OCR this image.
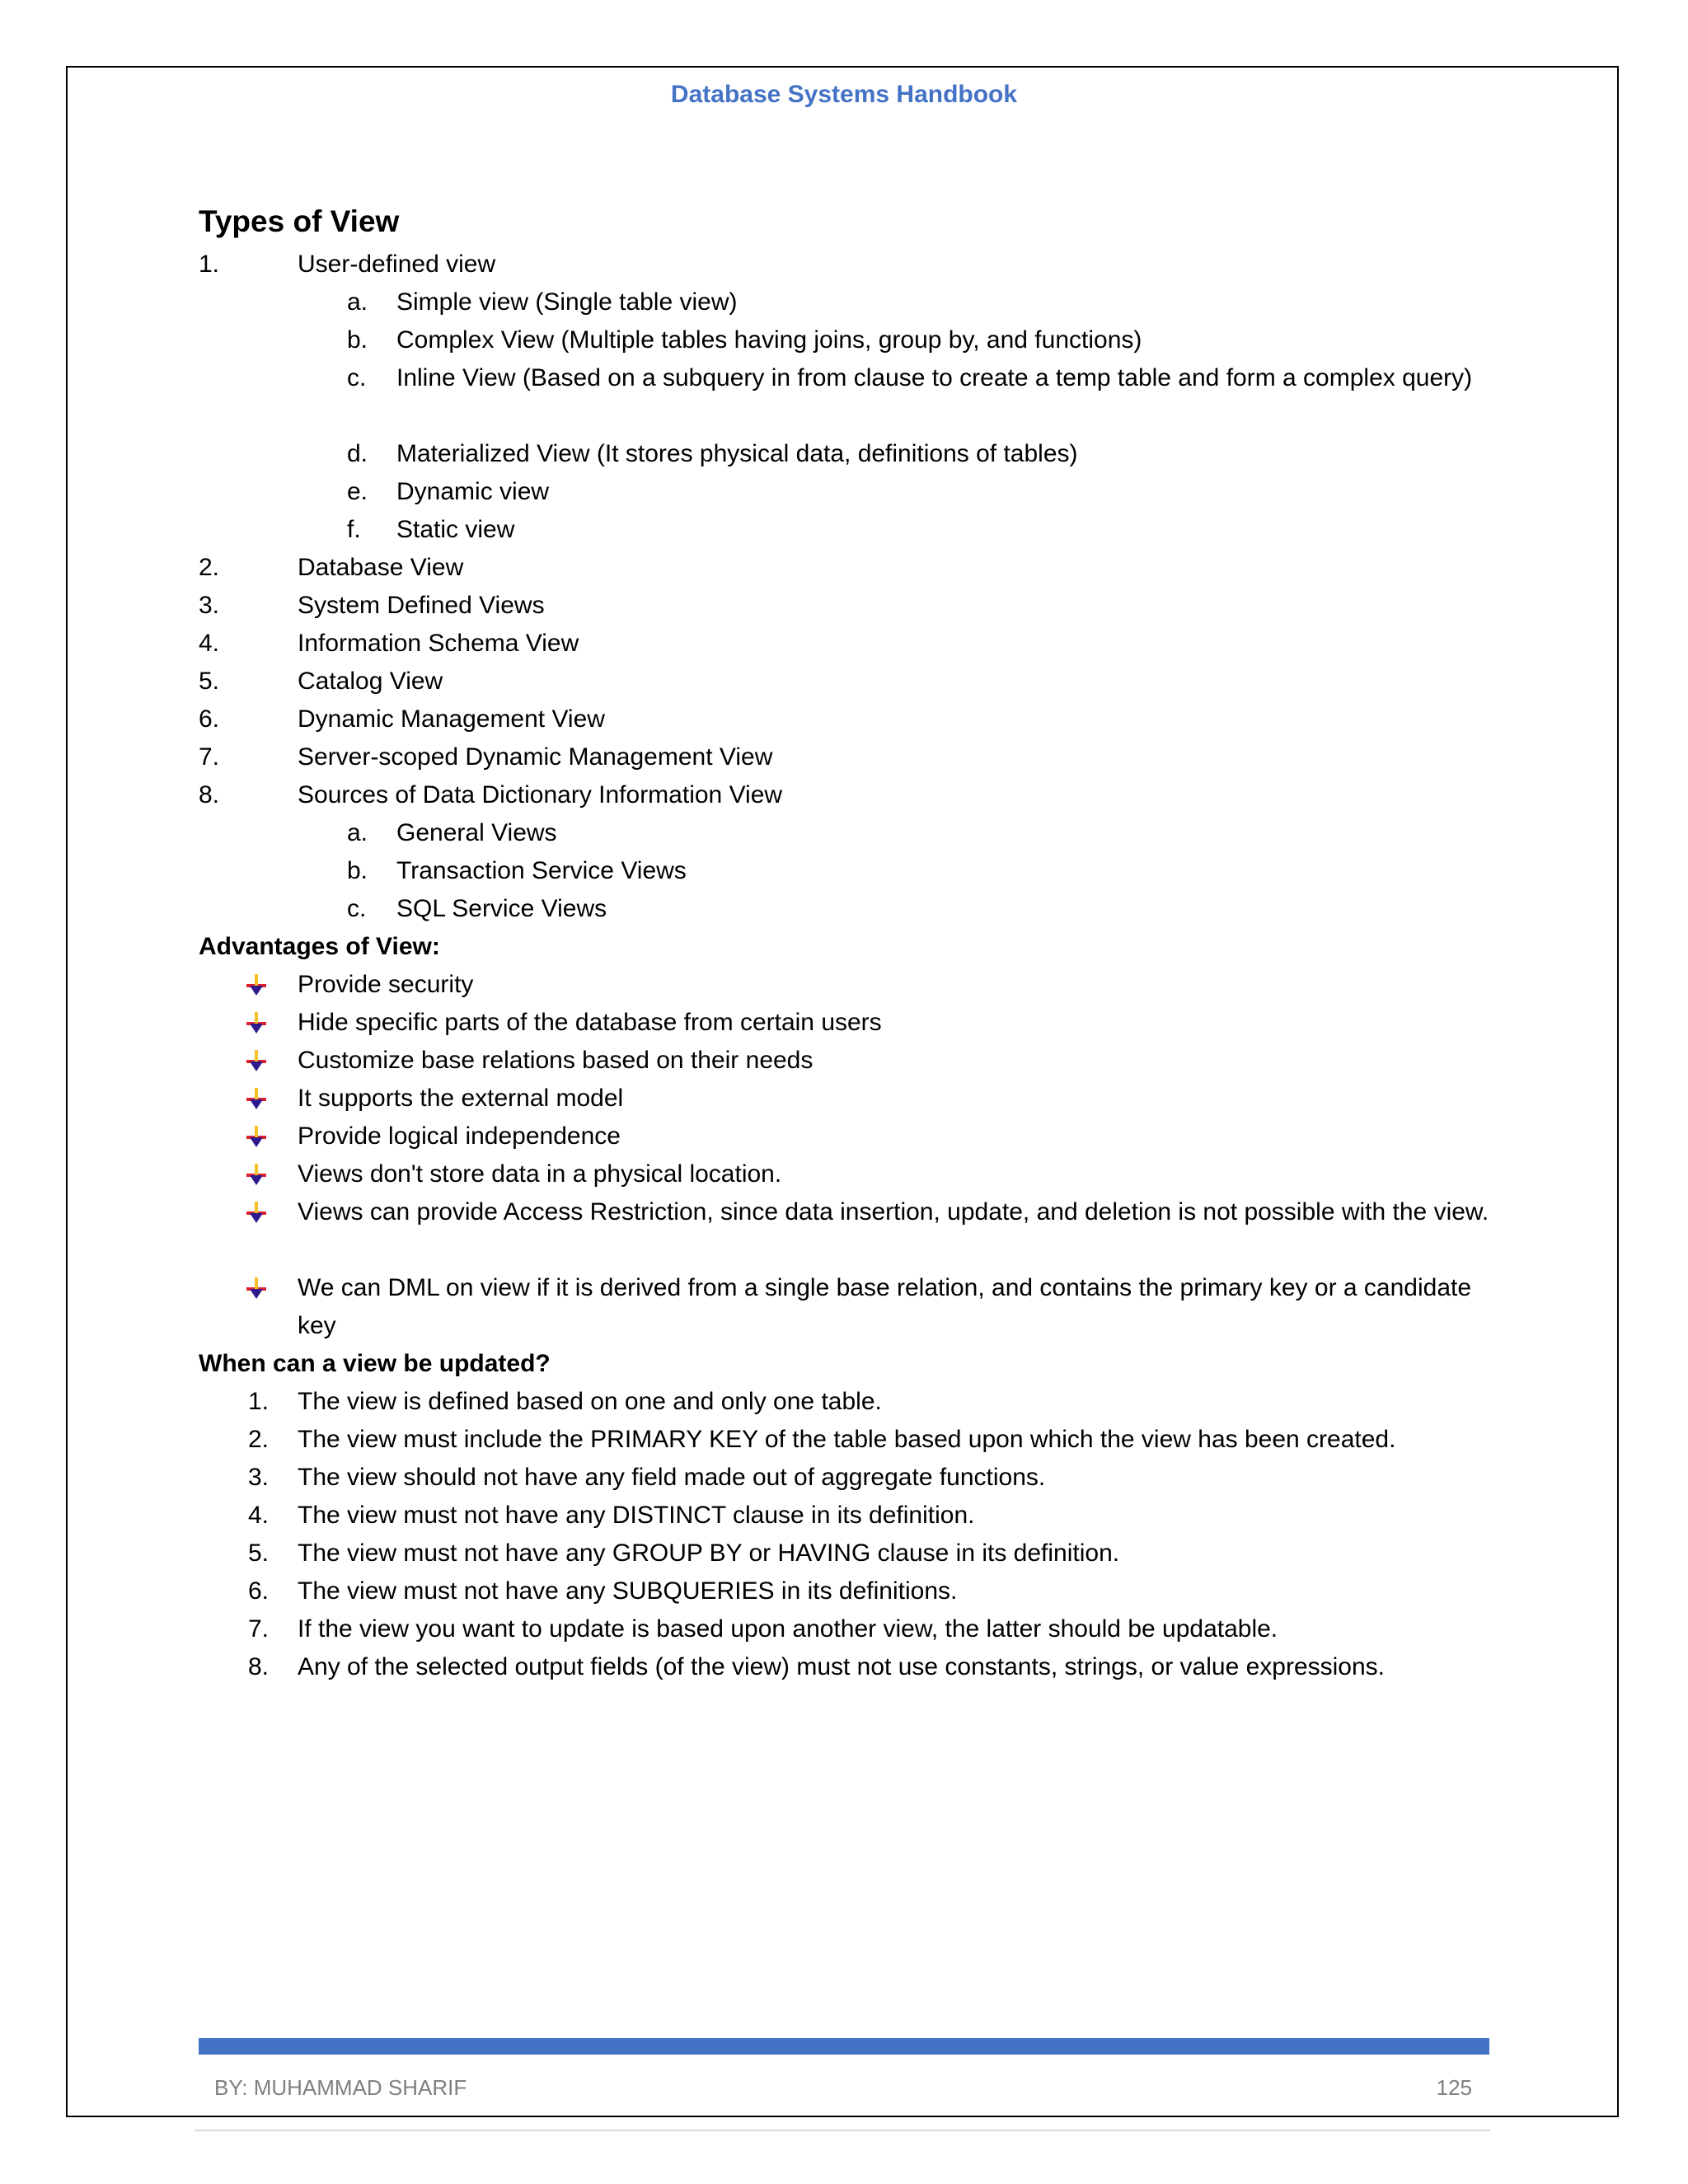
Database Systems Handbook
Types of View
1.	User-defined view
a. Simple view (Single table view)
b. Complex View (Multiple tables having joins, group by, and functions)
c. Inline View (Based on a subquery in from clause to create a temp table and form a complex query)
d. Materialized View (It stores physical data, definitions of tables)
e. Dynamic view
f. Static view
2.	Database View
3.	System Defined Views
4.	Information Schema View
5.	Catalog View
6.	Dynamic Management View
7.	Server-scoped Dynamic Management View
8.	Sources of Data Dictionary Information View
a. General Views
b. Transaction Service Views
c. SQL Service Views
Advantages of View:
Provide security
Hide specific parts of the database from certain users
Customize base relations based on their needs
It supports the external model
Provide logical independence
Views don't store data in a physical location.
Views can provide Access Restriction, since data insertion, update, and deletion is not possible with the view.
We can DML on view if it is derived from a single base relation, and contains the primary key or a candidate key
When can a view be updated?
1. The view is defined based on one and only one table.
2. The view must include the PRIMARY KEY of the table based upon which the view has been created.
3. The view should not have any field made out of aggregate functions.
4. The view must not have any DISTINCT clause in its definition.
5. The view must not have any GROUP BY or HAVING clause in its definition.
6. The view must not have any SUBQUERIES in its definitions.
7. If the view you want to update is based upon another view, the latter should be updatable.
8. Any of the selected output fields (of the view) must not use constants, strings, or value expressions.
BY: MUHAMMAD SHARIF	125
